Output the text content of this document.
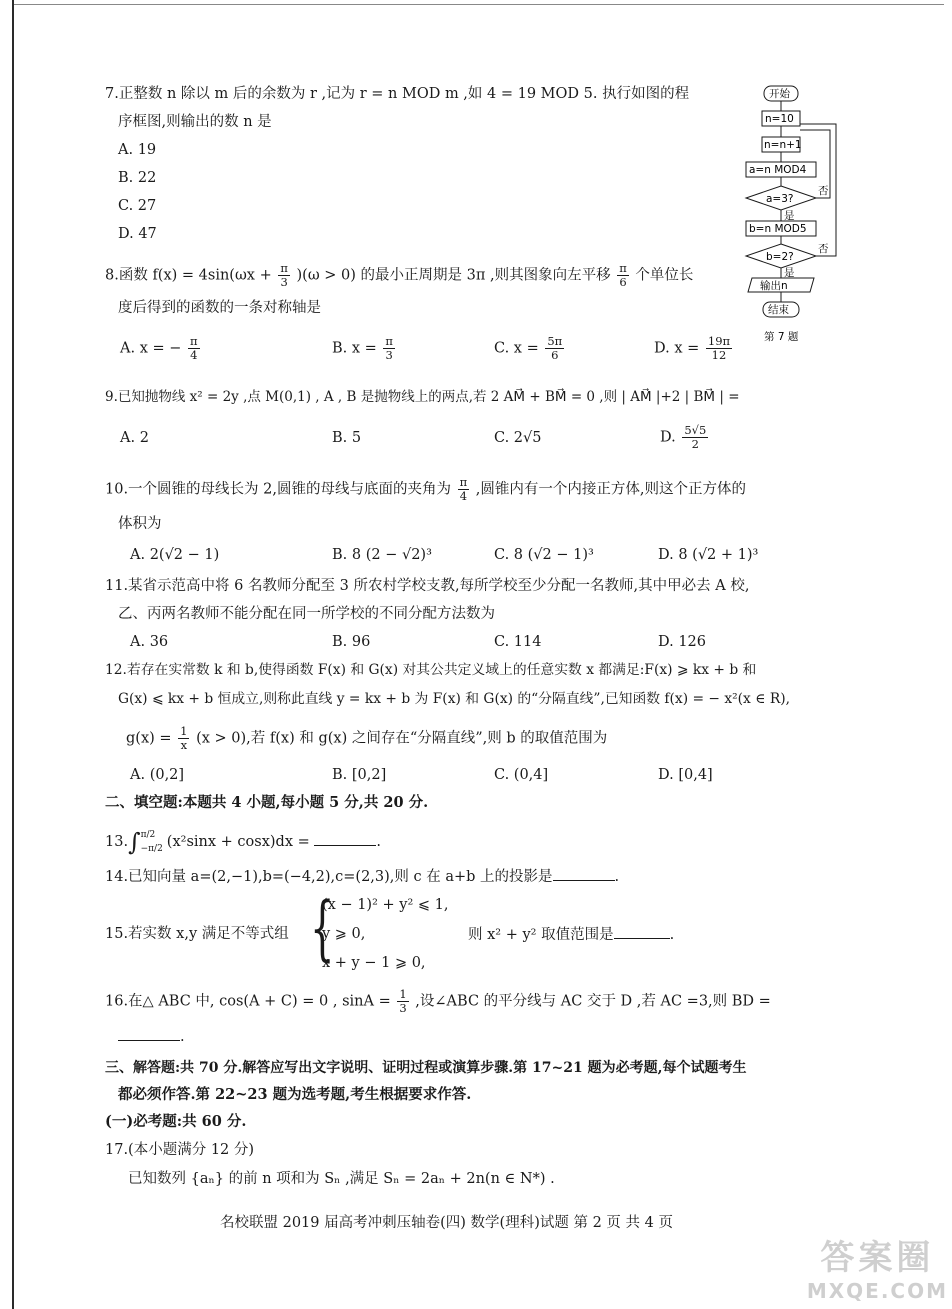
7.正整数 n 除以 m 后的余数为 r ,记为 r = n MOD m ,如 4 = 19 MOD 5. 执行如图的程
序框图,则输出的数 n 是
A. 19
B. 22
C. 27
D. 47
开始
n=10
n=n+1
a=n MOD4
a=3?
否
是
b=n MOD5
b=2?
否
是
输出n
结束
第 7 题
8.函数 $f(x) = 4\sin(\omega x + \frac{\pi}{3} )(\omega > 0)$ 的最小正周期是 3π ,则其图象向左平移 $\frac{\pi}{6}$ 个单位长
度后得到的函数的一条对称轴是
A. x = − $\frac{\pi}{4}$	B. $x = \frac{\pi}{3}$	C. $x = \frac{5\pi}{6}$	D. $x = \frac{19\pi}{12}$
9.已知抛物线 x² = 2y ,点 M(0,1) , A , B 是抛物线上的两点,若 2 AM⃗ + BM⃗ = 0 ,则 | AM⃗ |+2 | BM⃗ | =
A. 2	B. 5	C. 2√5	D. $\frac{5√5}{2}$
10.一个圆锥的母线长为 2,圆锥的母线与底面的夹角为 $\frac{\pi}{4}$ ,圆锥内有一个内接正方体,则这个正方体的
体积为
A. 2(√2 − 1)	B. 8 (2 − √2)³	C. 8 (√2 − 1)³	D. 8 (√2 + 1)³
11.某省示范高中将 6 名教师分配至 3 所农村学校支教,每所学校至少分配一名教师,其中甲必去 A 校,
乙、丙两名教师不能分配在同一所学校的不同分配方法数为
A. 36	B. 96	C. 114	D. 126
12.若存在实常数 k 和 b,使得函数 F(x) 和 G(x) 对其公共定义域上的任意实数 x 都满足:F(x) ⩾ kx + b 和
G(x) ⩽ kx + b 恒成立,则称此直线 y = kx + b 为 F(x) 和 G(x) 的“分隔直线”,已知函数 f(x) = − x²(x ∈ R),
$g(x) = \frac{1}{x} (x > 0)$,若 f(x) 和 g(x) 之间存在“分隔直线”,则 b 的取值范围为
A. (0,2]	B. [0,2]	C. (0,4]	D. [0,4]
二、填空题:本题共 4 小题,每小题 5 分,共 20 分.
13.∫ π/2
−π/2 (x²sinx + cosx)dx =	.
14.已知向量 a=(2,−1),b=(−4,2),c=(2,3),则 c 在 a+b 上的投影是	.
15.若实数 x,y 满足不等式组 {
(x − 1)² + y² ⩽ 1,
y ⩾ 0,
x + y − 1 ⩾ 0,
则 x² + y² 取值范围是	.
16.在△ ABC 中, cos(A + C) = 0 , $\sin A = \frac{1}{3}$ ,设∠ABC 的平分线与 AC 交于 D ,若 AC =3,则 BD =
.
三、解答题:共 70 分.解答应写出文字说明、证明过程或演算步骤.第 17~21 题为必考题,每个试题考生
都必须作答.第 22~23 题为选考题,考生根据要求作答.
(一)必考题:共 60 分.
17.(本小题满分 12 分)
已知数列 {aₙ} 的前 n 项和为 Sₙ ,满足 Sₙ = 2aₙ + 2n(n ∈ N*) .
名校联盟 2019 届高考冲刺压轴卷(四) 数学(理科)试题 第 2 页 共 4 页
答案圈
MXQE.COM
